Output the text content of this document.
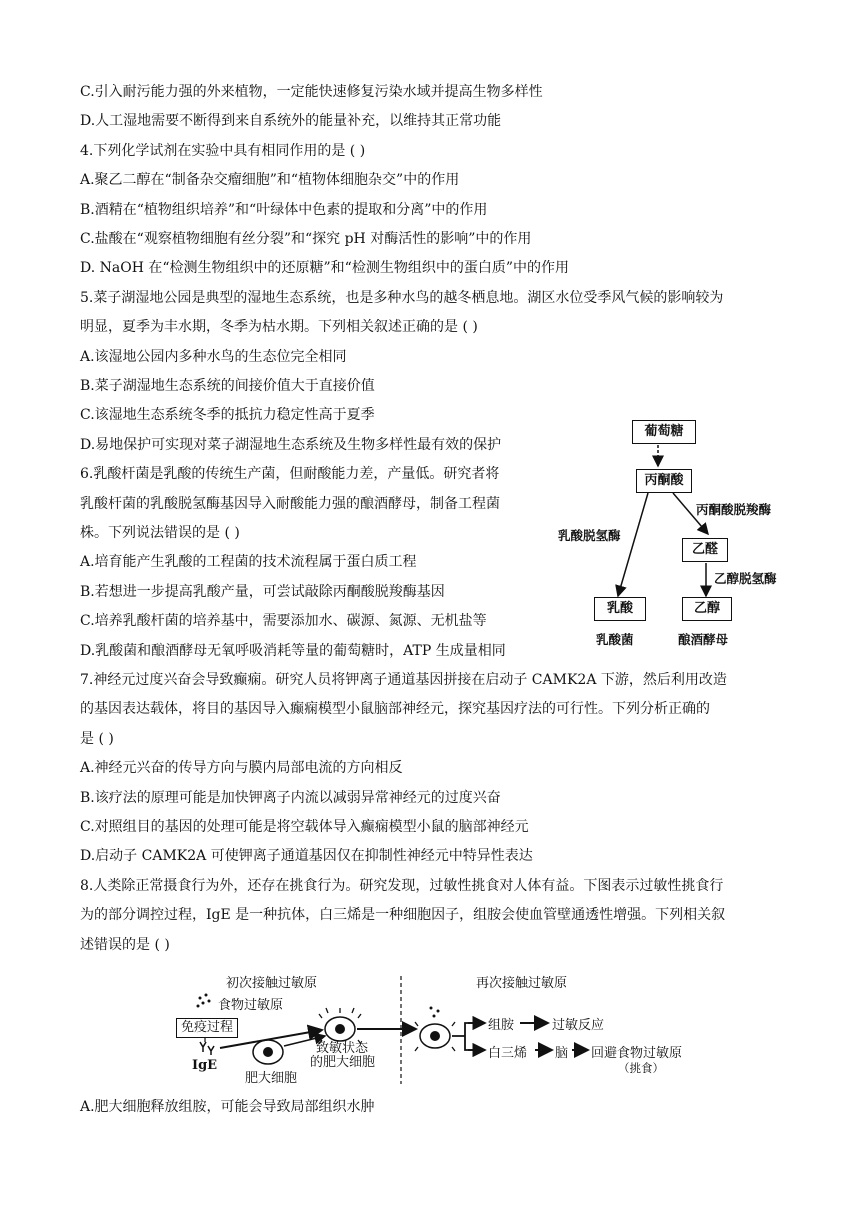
C.引入耐污能力强的外来植物，一定能快速修复污染水域并提高生物多样性
D.人工湿地需要不断得到来自系统外的能量补充，以维持其正常功能
4.下列化学试剂在实验中具有相同作用的是 ( )
A.聚乙二醇在“制备杂交瘤细胞”和“植物体细胞杂交”中的作用
B.酒精在“植物组织培养”和“叶绿体中色素的提取和分离”中的作用
C.盐酸在“观察植物细胞有丝分裂”和“探究 pH 对酶活性的影响”中的作用
D. NaOH 在“检测生物组织中的还原糖”和“检测生物组织中的蛋白质”中的作用
5.菜子湖湿地公园是典型的湿地生态系统，也是多种水鸟的越冬栖息地。湖区水位受季风气候的影响较为
明显，夏季为丰水期，冬季为枯水期。下列相关叙述正确的是 ( )
A.该湿地公园内多种水鸟的生态位完全相同
B.菜子湖湿地生态系统的间接价值大于直接价值
C.该湿地生态系统冬季的抵抗力稳定性高于夏季
D.易地保护可实现对菜子湖湿地生态系统及生物多样性最有效的保护
6.乳酸杆菌是乳酸的传统生产菌，但耐酸能力差，产量低。研究者将
乳酸杆菌的乳酸脱氢酶基因导入耐酸能力强的酿酒酵母，制备工程菌
株。下列说法错误的是 ( )
A.培育能产生乳酸的工程菌的技术流程属于蛋白质工程
B.若想进一步提高乳酸产量，可尝试敲除丙酮酸脱羧酶基因
C.培养乳酸杆菌的培养基中，需要添加水、碳源、氮源、无机盐等
D.乳酸菌和酿酒酵母无氧呼吸消耗等量的葡萄糖时，ATP 生成量相同
7.神经元过度兴奋会导致癫痫。研究人员将钾离子通道基因拼接在启动子 CAMK2A 下游，然后利用改造
的基因表达载体，将目的基因导入癫痫模型小鼠脑部神经元，探究基因疗法的可行性。下列分析正确的
是 ( )
A.神经元兴奋的传导方向与膜内局部电流的方向相反
B.该疗法的原理可能是加快钾离子内流以减弱异常神经元的过度兴奋
C.对照组目的基因的处理可能是将空载体导入癫痫模型小鼠的脑部神经元
D.启动子 CAMK2A 可使钾离子通道基因仅在抑制性神经元中特异性表达
8.人类除正常摄食行为外，还存在挑食行为。研究发现，过敏性挑食对人体有益。下图表示过敏性挑食行
为的部分调控过程，IgE 是一种抗体，白三烯是一种细胞因子，组胺会使血管壁通透性增强。下列相关叙
述错误的是 ( )
A.肥大细胞释放组胺，可能会导致局部组织水肿
葡萄糖
丙酮酸
丙酮酸脱羧酶
乳酸脱氢酶
乙醛
乙醇脱氢酶
乳酸	乙醇
乳酸菌	酿酒酵母
初次接触过敏原	再次接触过敏原
食物过敏原
免疫过程
IgE
肥大细胞
致敏状态
的肥大细胞
组胺	过敏反应
白三烯 脑 回避食物过敏原
（挑食）
